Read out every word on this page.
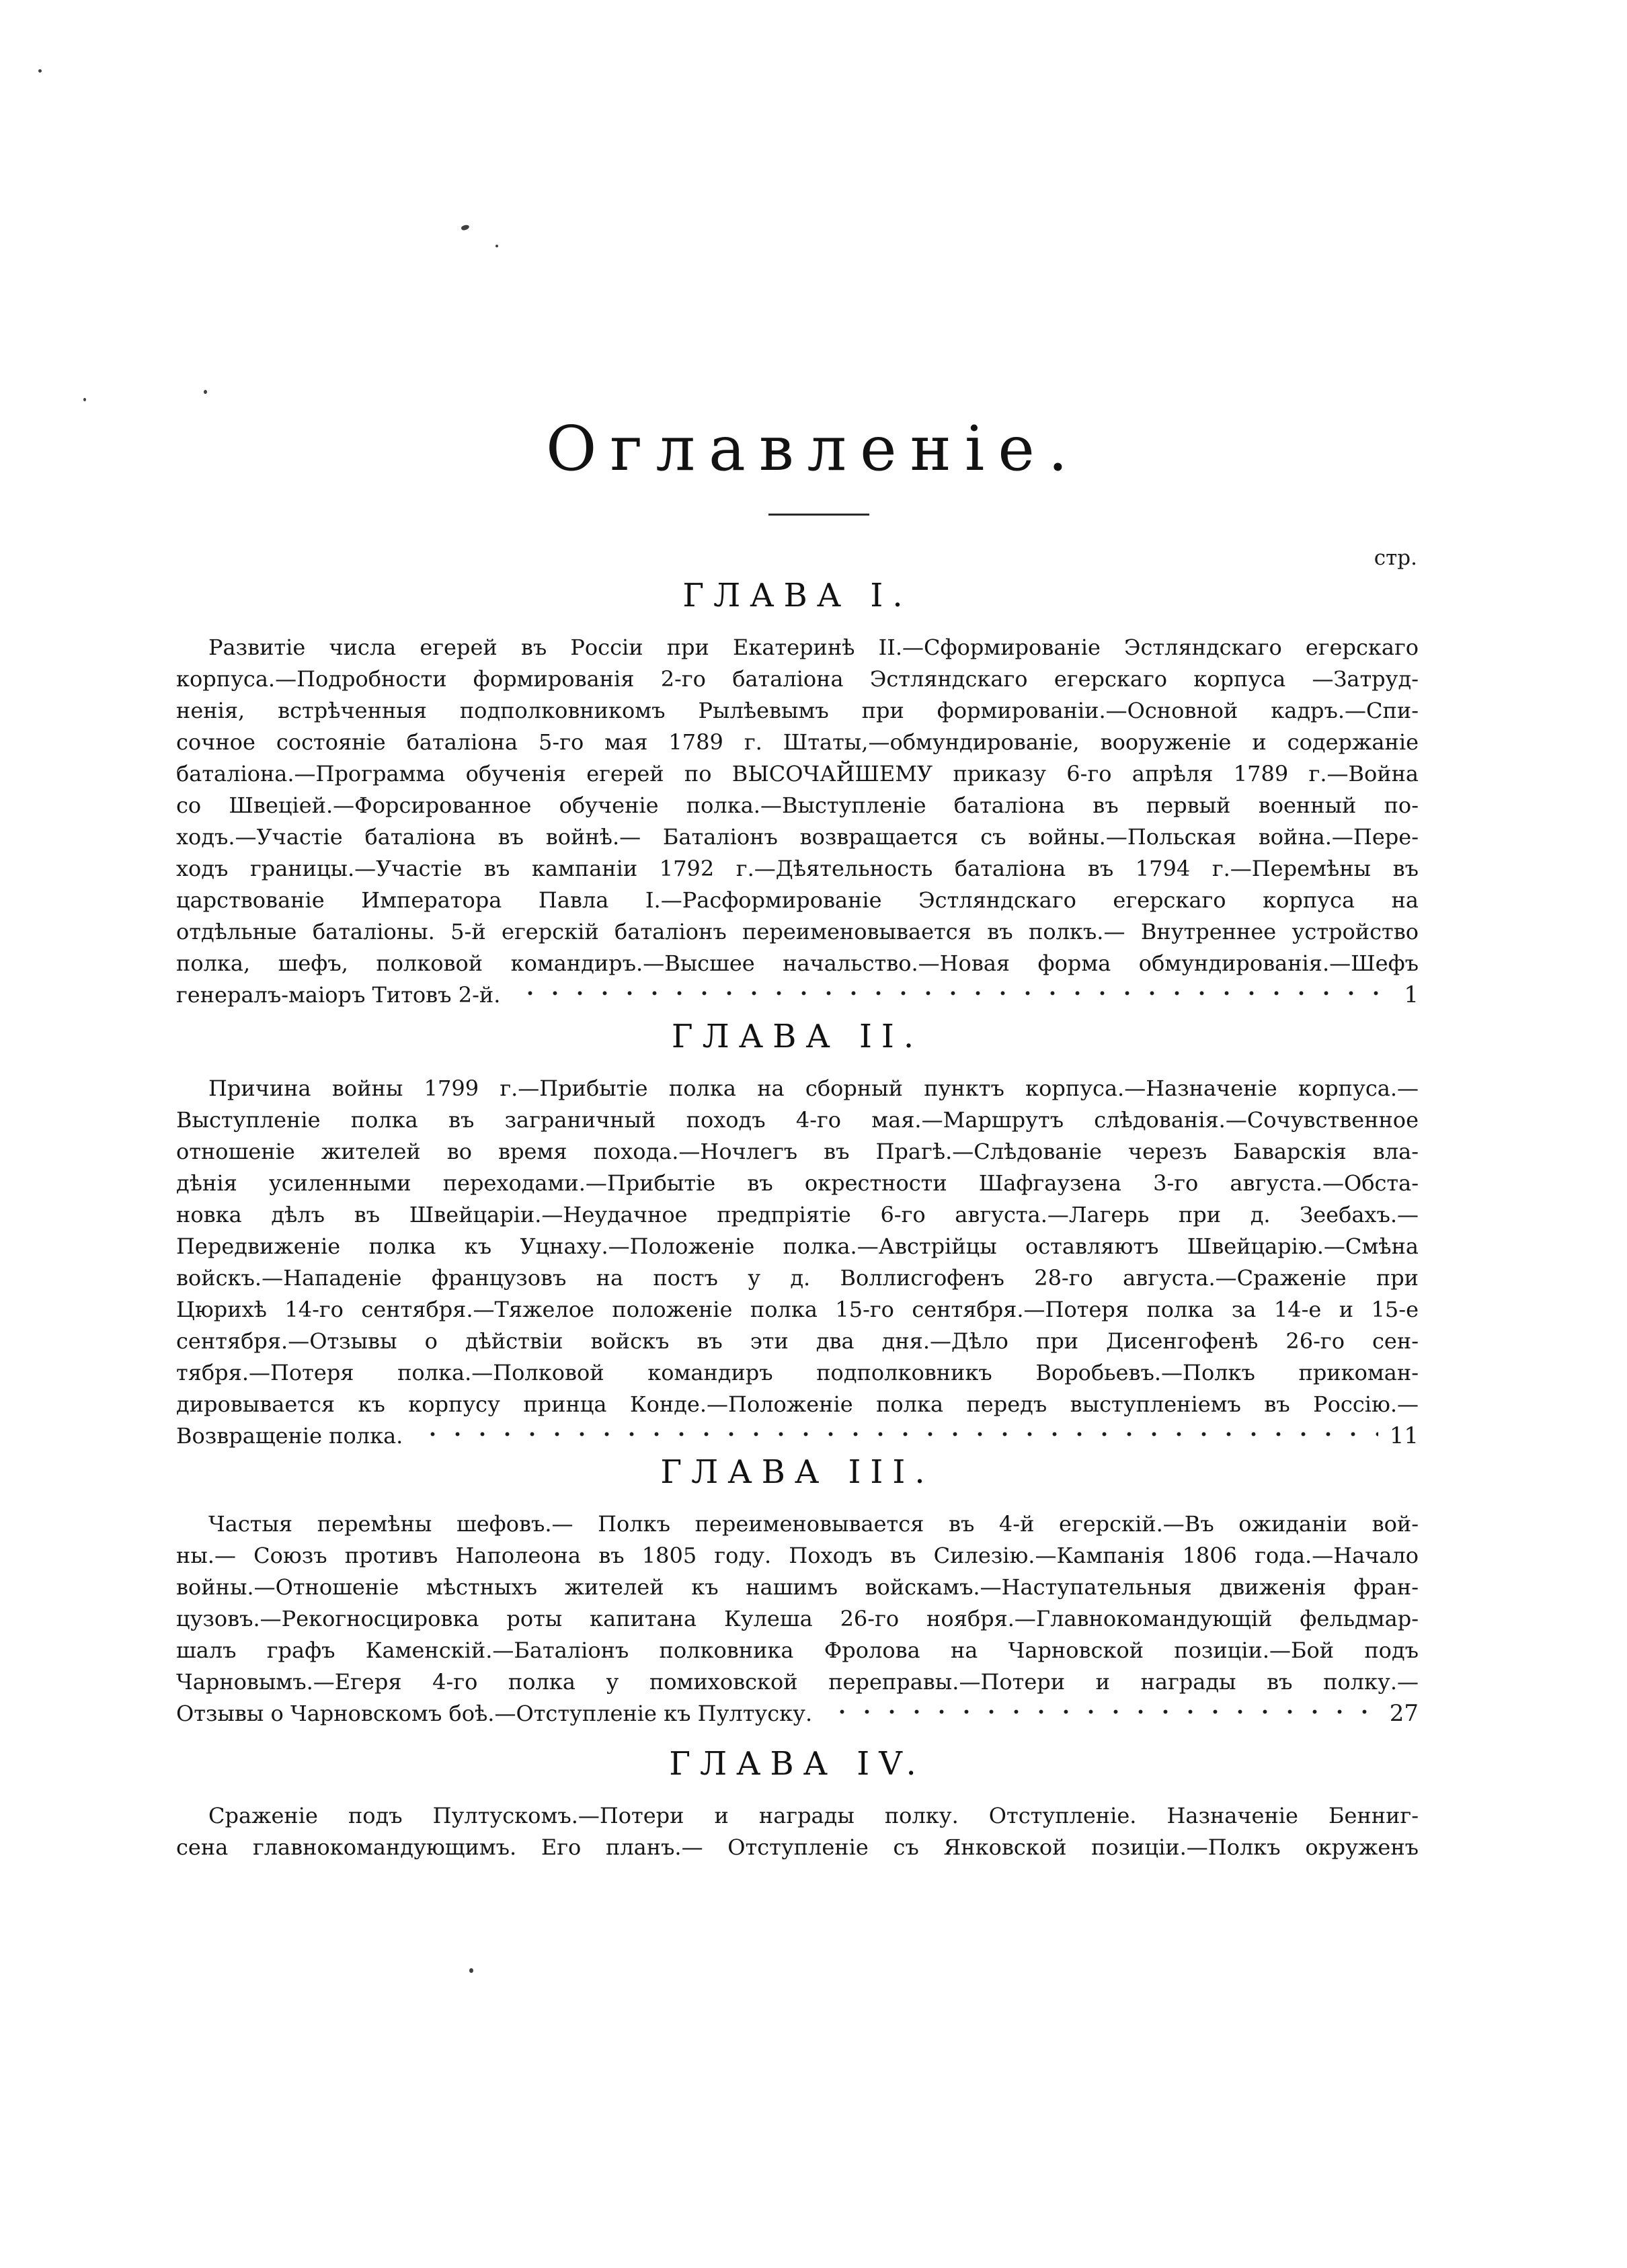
Оглавленіе.
стр.
ГЛАВА I.
Развитіе числа егерей въ Россіи при Екатеринѣ II.—Сформированіе Эстляндскаго егерскаго
корпуса.—Подробности формированія 2-го баталіона Эстляндскаго егерскаго корпуса —Затруд-
ненія, встрѣченныя подполковникомъ Рылѣевымъ при формированіи.—Основной кадръ.—Спи-
сочное состояніе баталіона 5-го мая 1789 г. Штаты,—обмундированіе, вооруженіе и содержаніе
баталіона.—Программа обученія егерей по ВЫСОЧАЙШЕМУ приказу 6-го апрѣля 1789 г.—Война
со Швеціей.—Форсированное обученіе полка.—Выступленіе баталіона въ первый военный по-
ходъ.—Участіе баталіона въ войнѣ.— Баталіонъ возвращается съ войны.—Польская война.—Пере-
ходъ границы.—Участіе въ кампаніи 1792 г.—Дѣятельность баталіона въ 1794 г.—Перемѣны въ
царствованіе Императора Павла I.—Расформированіе Эстляндскаго егерскаго корпуса на
отдѣльные баталіоны. 5-й егерскій баталіонъ переименовывается въ полкъ.— Внутреннее устройство
полка, шефъ, полковой командиръ.—Высшее начальство.—Новая форма обмундированія.—Шефъ
генералъ-маіоръ Титовъ 2-й.	1
ГЛАВА II.
Причина войны 1799 г.—Прибытіе полка на сборный пунктъ корпуса.—Назначеніе корпуса.—
Выступленіе полка въ заграничный походъ 4-го мая.—Маршрутъ слѣдованія.—Сочувственное
отношеніе жителей во время похода.—Ночлегъ въ Прагѣ.—Слѣдованіе черезъ Баварскія вла-
дѣнія усиленными переходами.—Прибытіе въ окрестности Шафгаузена 3-го августа.—Обста-
новка дѣлъ въ Швейцаріи.—Неудачное предпріятіе 6-го августа.—Лагерь при д. Зеебахъ.—
Передвиженіе полка къ Уцнаху.—Положеніе полка.—Австрійцы оставляютъ Швейцарію.—Смѣна
войскъ.—Нападеніе французовъ на постъ у д. Воллисгофенъ 28-го августа.—Сраженіе при
Цюрихѣ 14-го сентября.—Тяжелое положеніе полка 15-го сентября.—Потеря полка за 14-е и 15-е
сентября.—Отзывы о дѣйствіи войскъ въ эти два дня.—Дѣло при Дисенгофенѣ 26-го сен-
тября.—Потеря полка.—Полковой командиръ подполковникъ Воробьевъ.—Полкъ прикоман-
дировывается къ корпусу принца Конде.—Положеніе полка передъ выступленіемъ въ Россію.—
Возвращеніе полка.	11
ГЛАВА III.
Частыя перемѣны шефовъ.— Полкъ переименовывается въ 4-й егерскій.—Въ ожиданіи вой-
ны.— Союзъ противъ Наполеона въ 1805 году. Походъ въ Силезію.—Кампанія 1806 года.—Начало
войны.—Отношеніе мѣстныхъ жителей къ нашимъ войскамъ.—Наступательныя движенія фран-
цузовъ.—Рекогносцировка роты капитана Кулеша 26-го ноября.—Главнокомандующій фельдмар-
шалъ графъ Каменскій.—Баталіонъ полковника Фролова на Чарновской позиціи.—Бой подъ
Чарновымъ.—Егеря 4-го полка у помиховской переправы.—Потери и награды въ полку.—
Отзывы о Чарновскомъ боѣ.—Отступленіе къ Пултуску.	27
ГЛАВА IV.
Сраженіе подъ Пултускомъ.—Потери и награды полку. Отступленіе. Назначеніе Бенниг-
сена главнокомандующимъ. Его планъ.— Отступленіе съ Янковской позиціи.—Полкъ окруженъ
